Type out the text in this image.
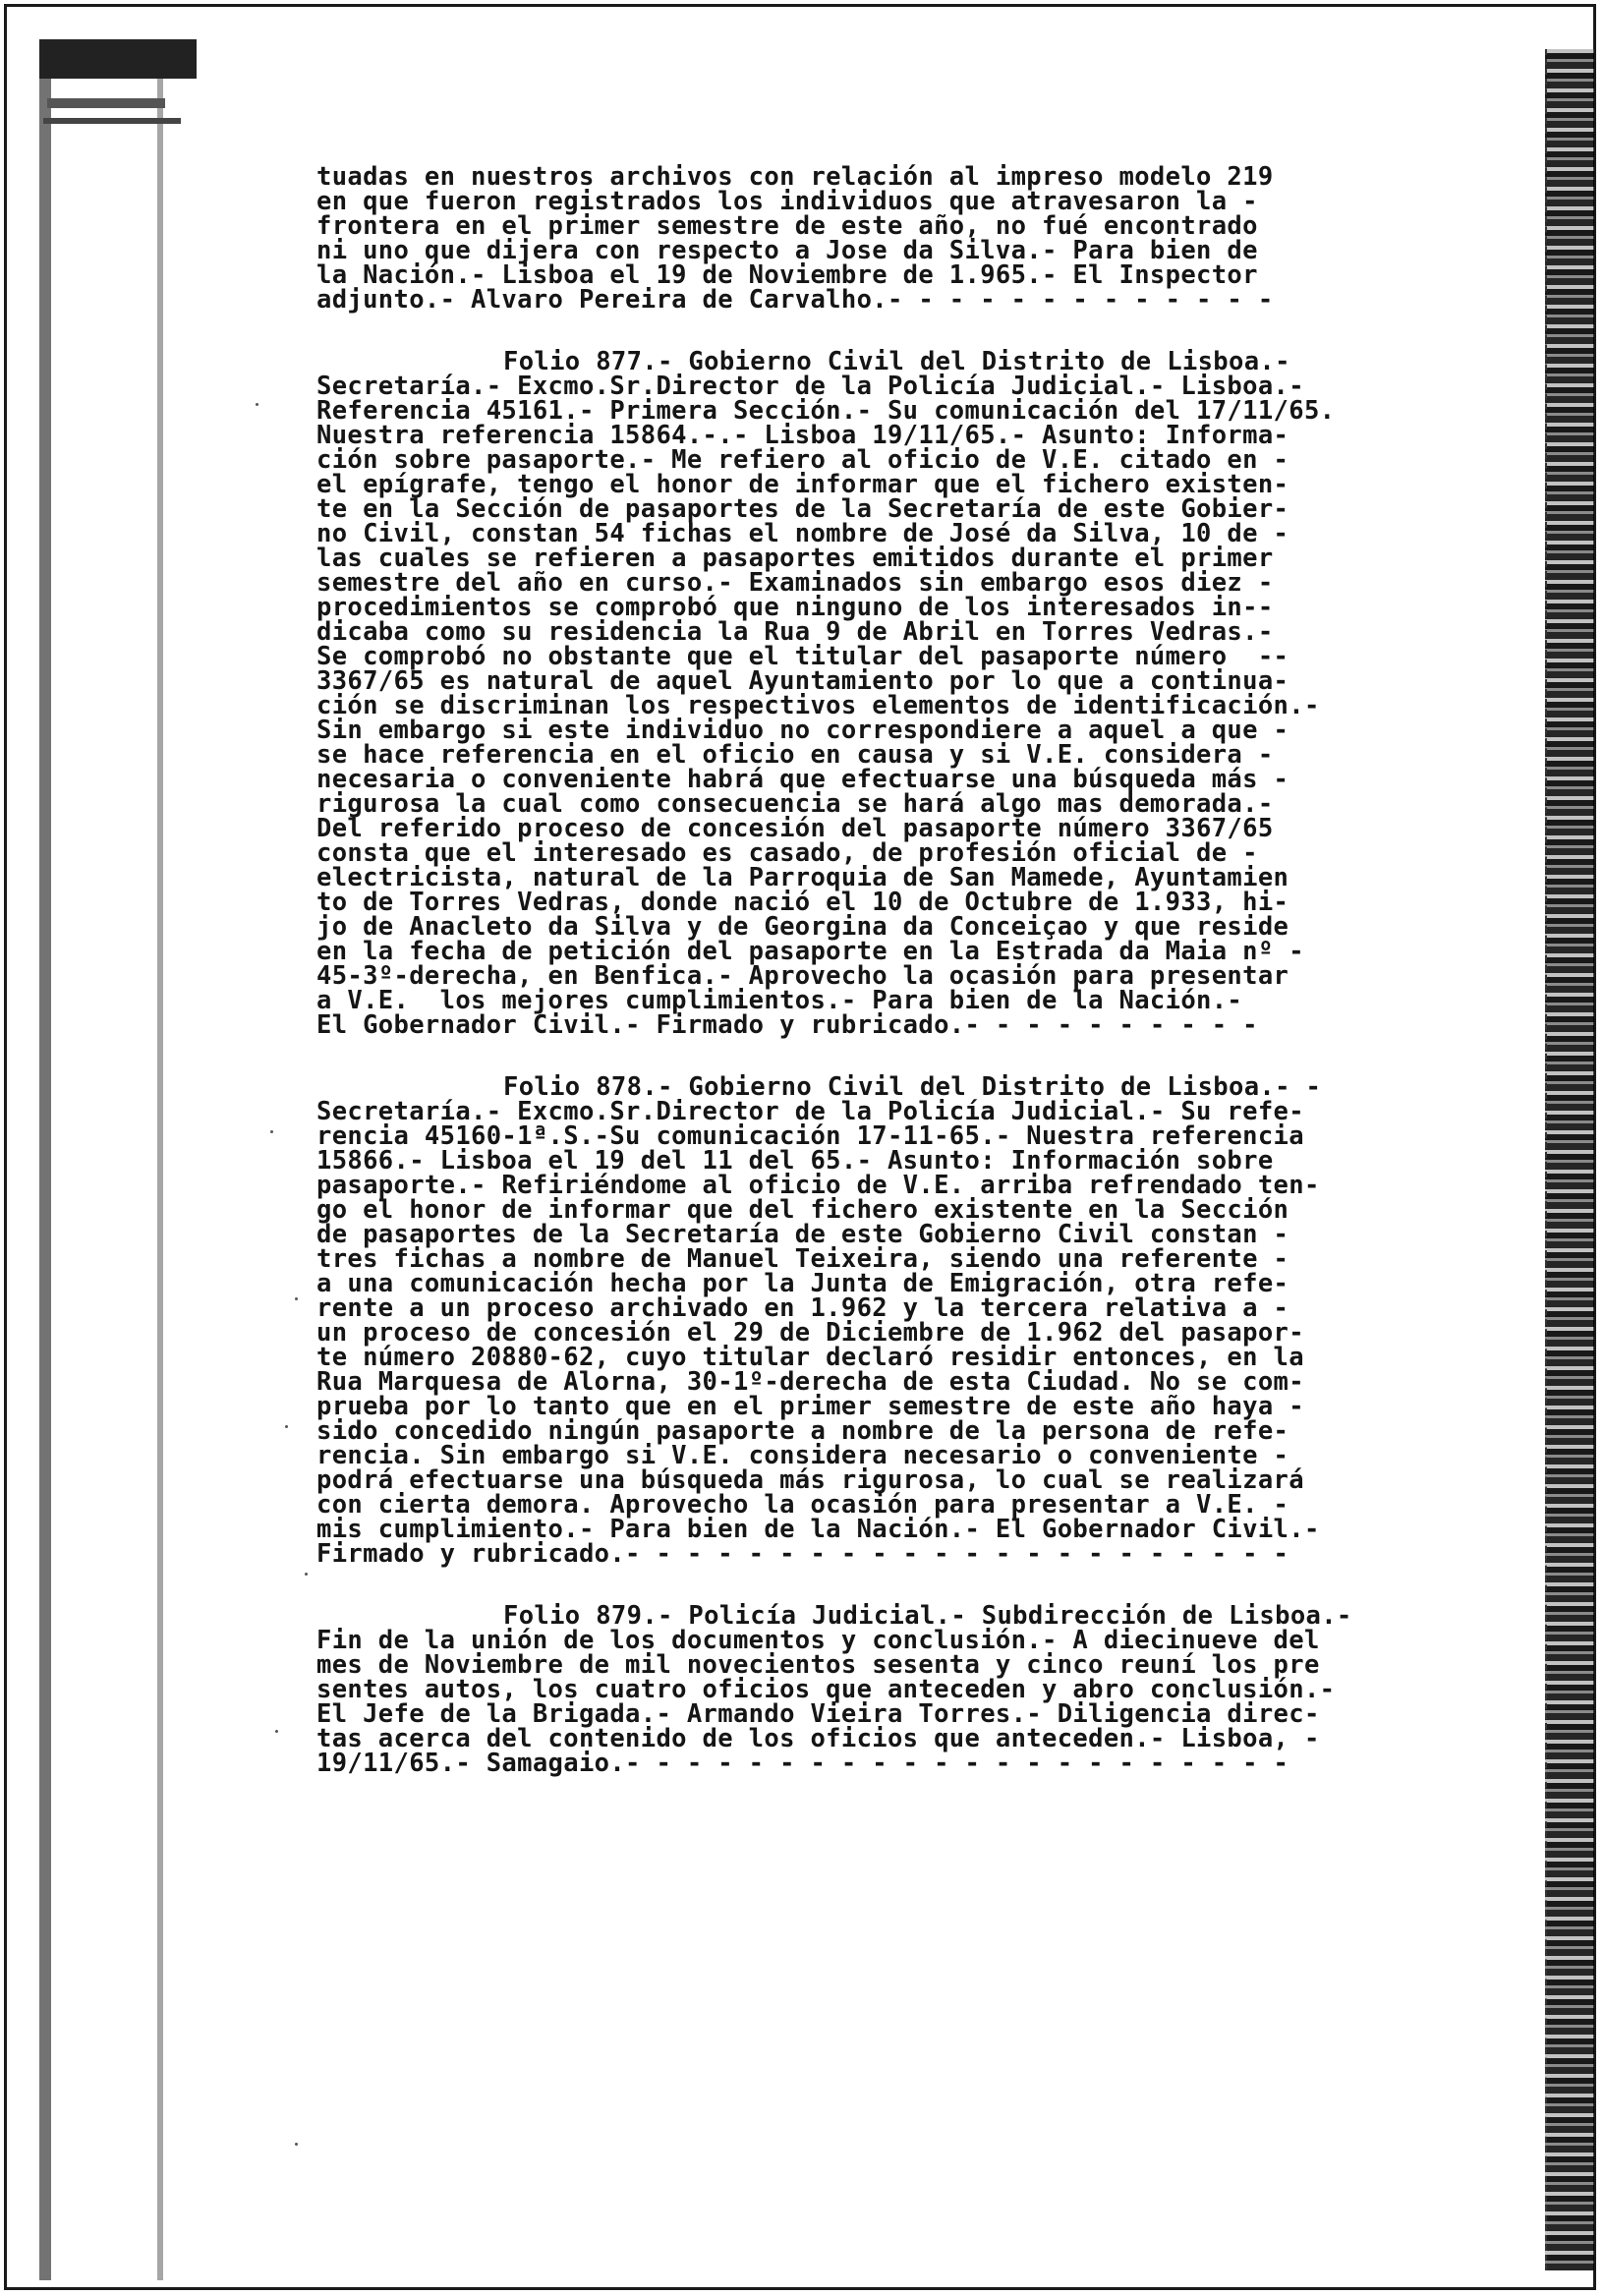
tuadas en nuestros archivos con relación al impreso modelo 219
en que fueron registrados los individuos que atravesaron la -
frontera en el primer semestre de este año, no fué encontrado
ni uno que dijera con respecto a Jose da Silva.- Para bien de
la Nación.- Lisboa el 19 de Noviembre de 1.965.- El Inspector
adjunto.- Alvaro Pereira de Carvalho.- - - - - - - - - - - - -
Folio 877.- Gobierno Civil del Distrito de Lisboa.-
Secretaría.- Excmo.Sr.Director de la Policía Judicial.- Lisboa.-
Referencia 45161.- Primera Sección.- Su comunicación del 17/11/65.
Nuestra referencia 15864.-.- Lisboa 19/11/65.- Asunto: Informa-
ción sobre pasaporte.- Me refiero al oficio de V.E. citado en -
el epígrafe, tengo el honor de informar que el fichero existen-
te en la Sección de pasaportes de la Secretaría de este Gobier-
no Civil, constan 54 fichas el nombre de José da Silva, 10 de -
las cuales se refieren a pasaportes emitidos durante el primer
semestre del año en curso.- Examinados sin embargo esos diez -
procedimientos se comprobó que ninguno de los interesados in--
dicaba como su residencia la Rua 9 de Abril en Torres Vedras.-
Se comprobó no obstante que el titular del pasaporte número  --
3367/65 es natural de aquel Ayuntamiento por lo que a continua-
ción se discriminan los respectivos elementos de identificación.-
Sin embargo si este individuo no correspondiere a aquel a que -
se hace referencia en el oficio en causa y si V.E. considera -
necesaria o conveniente habrá que efectuarse una búsqueda más -
rigurosa la cual como consecuencia se hará algo mas demorada.-
Del referido proceso de concesión del pasaporte número 3367/65
consta que el interesado es casado, de profesión oficial de -
electricista, natural de la Parroquia de San Mamede, Ayuntamien
to de Torres Vedras, donde nació el 10 de Octubre de 1.933, hi-
jo de Anacleto da Silva y de Georgina da Conceiçao y que reside
en la fecha de petición del pasaporte en la Estrada da Maia nº -
45-3º-derecha, en Benfica.- Aprovecho la ocasión para presentar
a V.E.  los mejores cumplimientos.- Para bien de la Nación.-
El Gobernador Civil.- Firmado y rubricado.- - - - - - - - - -
Folio 878.- Gobierno Civil del Distrito de Lisboa.- -
Secretaría.- Excmo.Sr.Director de la Policía Judicial.- Su refe-
rencia 45160-1ª.S.-Su comunicación 17-11-65.- Nuestra referencia
15866.- Lisboa el 19 del 11 del 65.- Asunto: Información sobre
pasaporte.- Refiriéndome al oficio de V.E. arriba refrendado ten-
go el honor de informar que del fichero existente en la Sección
de pasaportes de la Secretaría de este Gobierno Civil constan -
tres fichas a nombre de Manuel Teixeira, siendo una referente -
a una comunicación hecha por la Junta de Emigración, otra refe-
rente a un proceso archivado en 1.962 y la tercera relativa a -
un proceso de concesión el 29 de Diciembre de 1.962 del pasapor-
te número 20880-62, cuyo titular declaró residir entonces, en la
Rua Marquesa de Alorna, 30-1º-derecha de esta Ciudad. No se com-
prueba por lo tanto que en el primer semestre de este año haya -
sido concedido ningún pasaporte a nombre de la persona de refe-
rencia. Sin embargo si V.E. considera necesario o conveniente -
podrá efectuarse una búsqueda más rigurosa, lo cual se realizará
con cierta demora. Aprovecho la ocasión para presentar a V.E. -
mis cumplimiento.- Para bien de la Nación.- El Gobernador Civil.-
Firmado y rubricado.- - - - - - - - - - - - - - - - - - - - - -
Folio 879.- Policía Judicial.- Subdirección de Lisboa.-
Fin de la unión de los documentos y conclusión.- A diecinueve del
mes de Noviembre de mil novecientos sesenta y cinco reuní los pre
sentes autos, los cuatro oficios que anteceden y abro conclusión.-
El Jefe de la Brigada.- Armando Vieira Torres.- Diligencia direc-
tas acerca del contenido de los oficios que anteceden.- Lisboa, -
19/11/65.- Samagaio.- - - - - - - - - - - - - - - - - - - - - -
